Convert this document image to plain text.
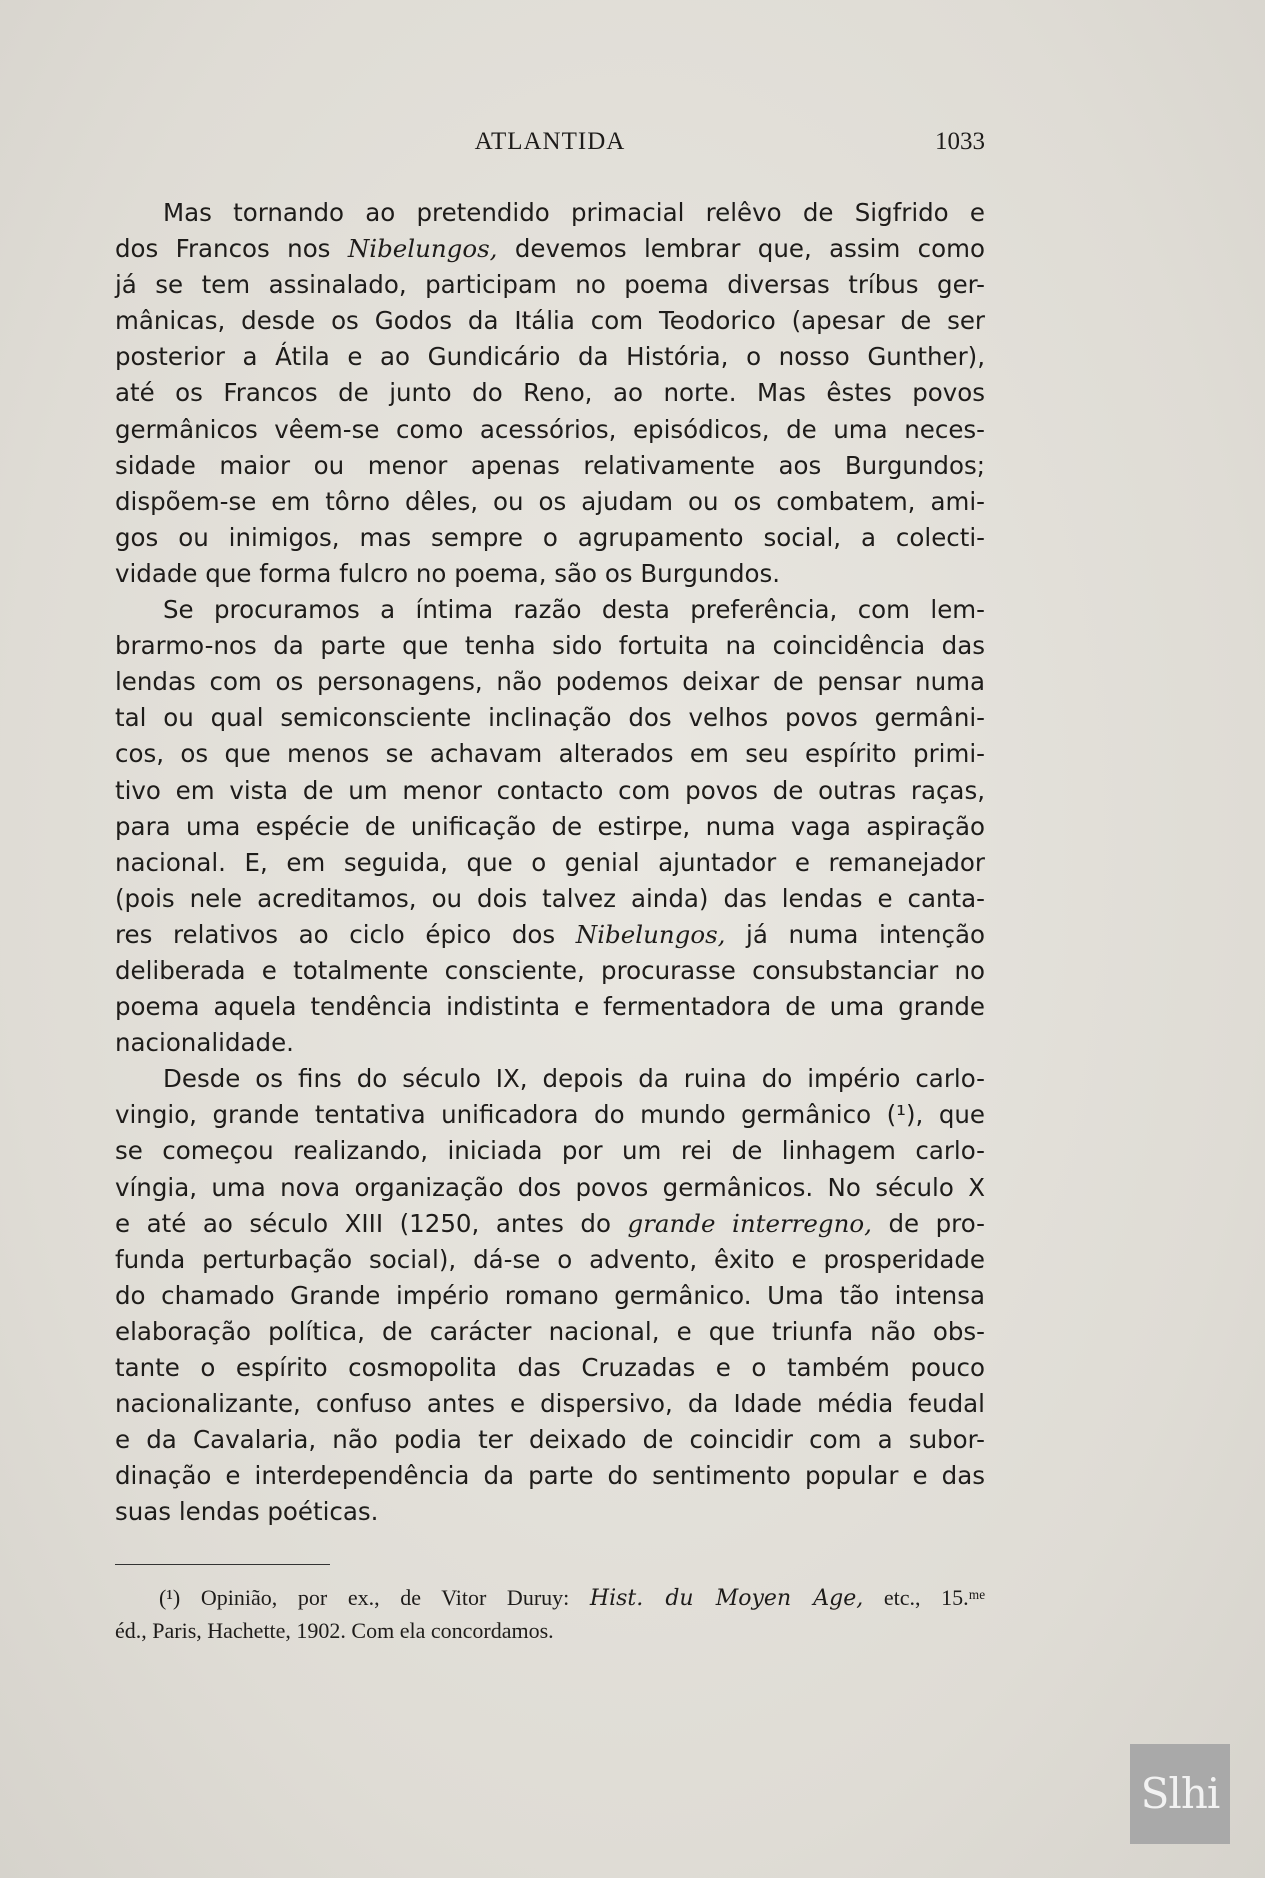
ATLANTIDA	1033
Mas tornando ao pretendido primacial relêvo de Sigfrido e
dos Francos nos Nibelungos, devemos lembrar que, assim como
já se tem assinalado, participam no poema diversas tríbus ger-
mânicas, desde os Godos da Itália com Teodorico (apesar de ser
posterior a Átila e ao Gundicário da História, o nosso Gunther),
até os Francos de junto do Reno, ao norte. Mas êstes povos
germânicos vêem-se como acessórios, episódicos, de uma neces-
sidade maior ou menor apenas relativamente aos Burgundos;
dispõem-se em tôrno dêles, ou os ajudam ou os combatem, ami-
gos ou inimigos, mas sempre o agrupamento social, a colecti-
vidade que forma fulcro no poema, são os Burgundos.
Se procuramos a íntima razão desta preferência, com lem-
brarmo-nos da parte que tenha sido fortuita na coincidência das
lendas com os personagens, não podemos deixar de pensar numa
tal ou qual semiconsciente inclinação dos velhos povos germâni-
cos, os que menos se achavam alterados em seu espírito primi-
tivo em vista de um menor contacto com povos de outras raças,
para uma espécie de unificação de estirpe, numa vaga aspiração
nacional. E, em seguida, que o genial ajuntador e remanejador
(pois nele acreditamos, ou dois talvez ainda) das lendas e canta-
res relativos ao ciclo épico dos Nibelungos, já numa intenção
deliberada e totalmente consciente, procurasse consubstanciar no
poema aquela tendência indistinta e fermentadora de uma grande
nacionalidade.
Desde os fins do século IX, depois da ruina do império carlo-
vingio, grande tentativa unificadora do mundo germânico (¹), que
se começou realizando, iniciada por um rei de linhagem carlo-
víngia, uma nova organização dos povos germânicos. No século X
e até ao século XIII (1250, antes do grande interregno, de pro-
funda perturbação social), dá-se o advento, êxito e prosperidade
do chamado Grande império romano germânico. Uma tão intensa
elaboração política, de carácter nacional, e que triunfa não obs-
tante o espírito cosmopolita das Cruzadas e o também pouco
nacionalizante, confuso antes e dispersivo, da Idade média feudal
e da Cavalaria, não podia ter deixado de coincidir com a subor-
dinação e interdependência da parte do sentimento popular e das
suas lendas poéticas.
(¹) Opinião, por ex., de Vitor Duruy: Hist. du Moyen Age, etc., 15.ᵐᵉ
éd., Paris, Hachette, 1902. Com ela concordamos.
Slhi
